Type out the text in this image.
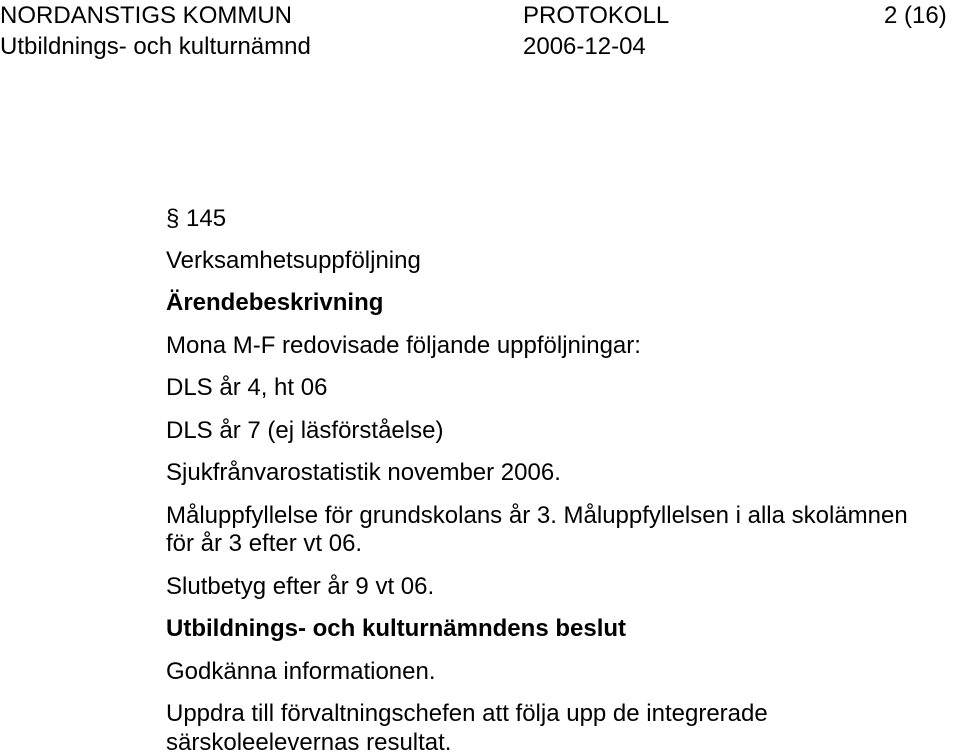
NORDANSTIGS KOMMUN	PROTOKOLL	2 (16)
Utbildnings- och kulturnämnd	2006-12-04
§ 145
Verksamhetsuppföljning
Ärendebeskrivning
Mona M-F redovisade följande uppföljningar:
DLS år 4, ht 06
DLS år 7 (ej läsförståelse)
Sjukfrånvarostatistik november 2006.
Måluppfyllelse för grundskolans år 3. Måluppfyllelsen i alla skolämnen
för år 3 efter vt 06.
Slutbetyg efter år 9 vt 06.
Utbildnings- och kulturnämndens beslut
Godkänna informationen.
Uppdra till förvaltningschefen att följa upp de integrerade
särskoleelevernas resultat.
